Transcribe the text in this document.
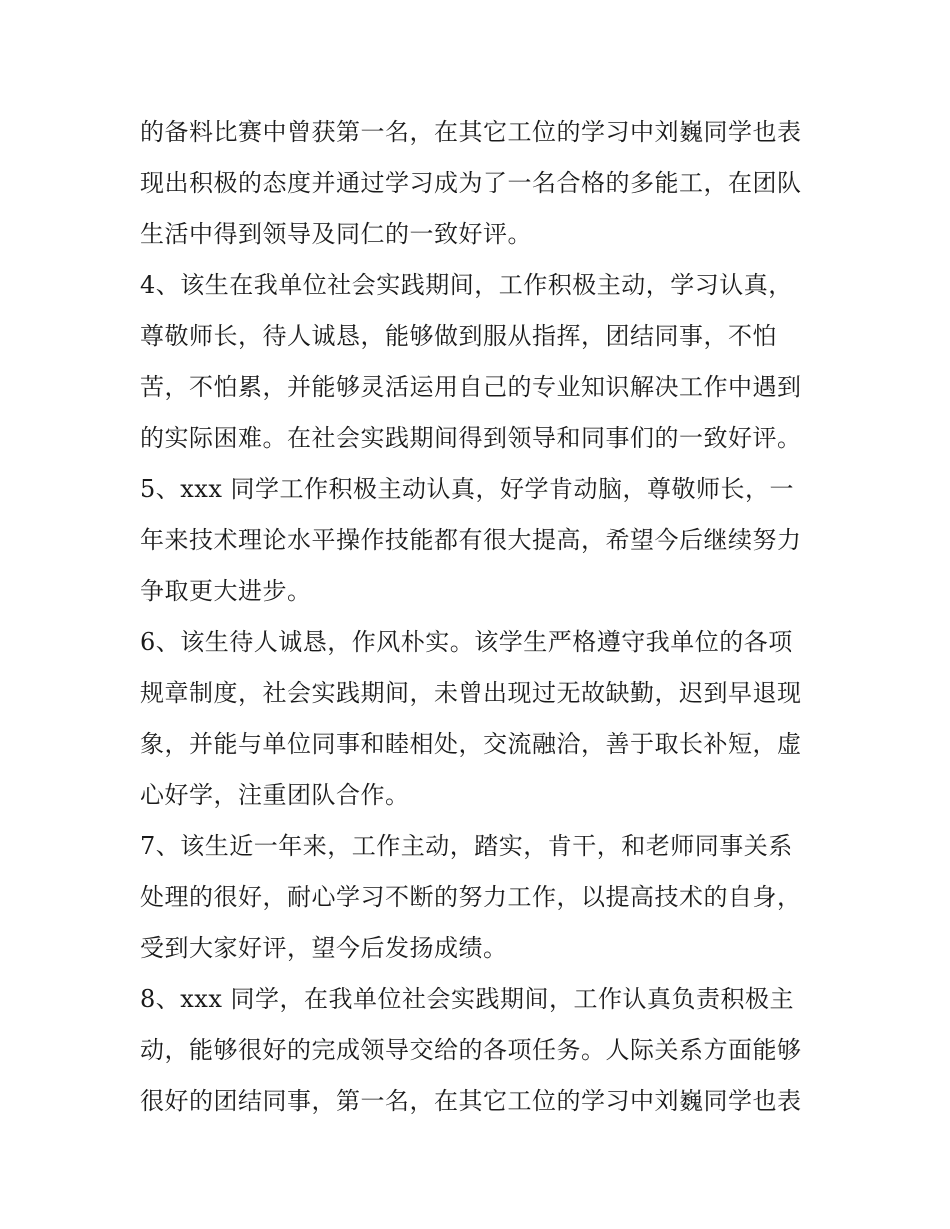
的备料比赛中曾获第一名，在其它工位的学习中刘巍同学也表
现出积极的态度并通过学习成为了一名合格的多能工，在团队
生活中得到领导及同仁的一致好评。
4、该生在我单位社会实践期间，工作积极主动，学习认真，
尊敬师长，待人诚恳，能够做到服从指挥，团结同事，不怕
苦，不怕累，并能够灵活运用自己的专业知识解决工作中遇到
的实际困难。在社会实践期间得到领导和同事们的一致好评。
5、xxx 同学工作积极主动认真，好学肯动脑，尊敬师长，一
年来技术理论水平操作技能都有很大提高，希望今后继续努力
争取更大进步。
6、该生待人诚恳，作风朴实。该学生严格遵守我单位的各项
规章制度，社会实践期间，未曾出现过无故缺勤，迟到早退现
象，并能与单位同事和睦相处，交流融洽，善于取长补短，虚
心好学，注重团队合作。
7、该生近一年来，工作主动，踏实，肯干，和老师同事关系
处理的很好，耐心学习不断的努力工作，以提高技术的自身，
受到大家好评，望今后发扬成绩。
8、xxx 同学，在我单位社会实践期间，工作认真负责积极主
动，能够很好的完成领导交给的各项任务。人际关系方面能够
很好的团结同事，第一名，在其它工位的学习中刘巍同学也表
